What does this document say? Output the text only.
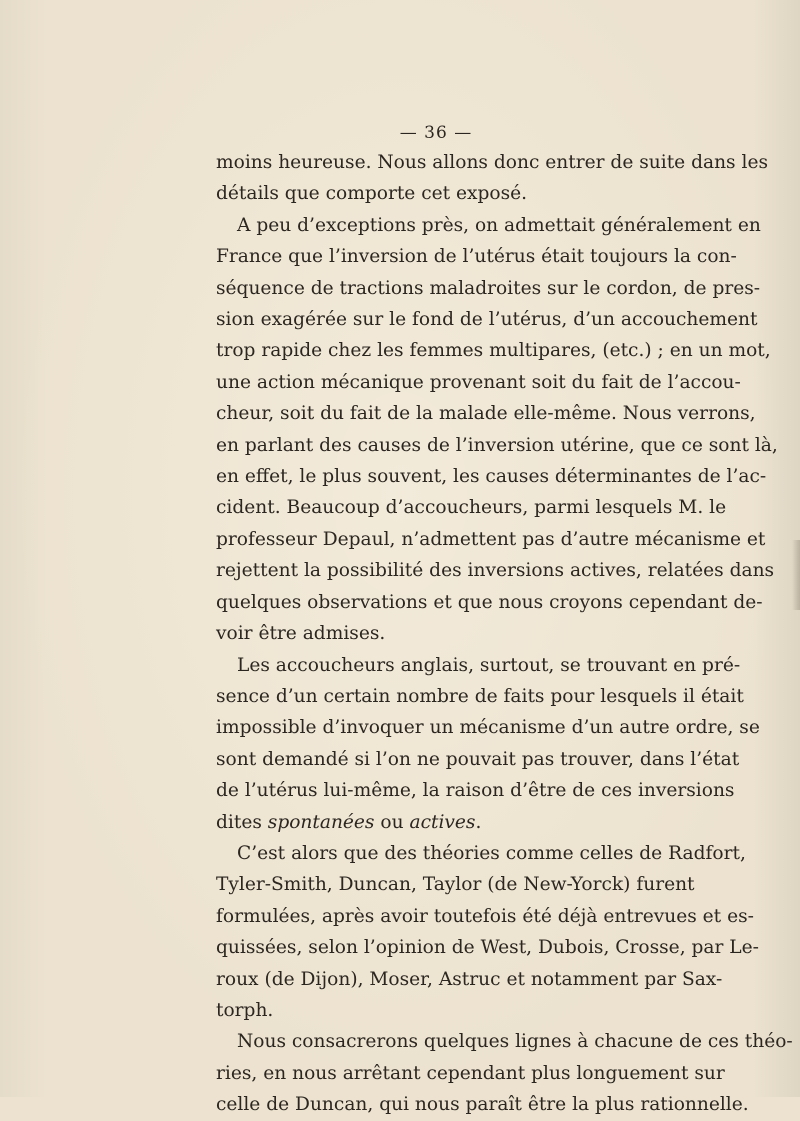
— 36 —
moins heureuse. Nous allons donc entrer de suite dans les
détails que comporte cet exposé.
A peu d’exceptions près, on admettait généralement en
France que l’inversion de l’utérus était toujours la con-
séquence de tractions maladroites sur le cordon, de pres-
sion exagérée sur le fond de l’utérus, d’un accouchement
trop rapide chez les femmes multipares, (etc.) ; en un mot,
une action mécanique provenant soit du fait de l’accou-
cheur, soit du fait de la malade elle-même. Nous verrons,
en parlant des causes de l’inversion utérine, que ce sont là,
en effet, le plus souvent, les causes déterminantes de l’ac-
cident. Beaucoup d’accoucheurs, parmi lesquels M. le
professeur Depaul, n’admettent pas d’autre mécanisme et
rejettent la possibilité des inversions actives, relatées dans
quelques observations et que nous croyons cependant de-
voir être admises.
Les accoucheurs anglais, surtout, se trouvant en pré-
sence d’un certain nombre de faits pour lesquels il était
impossible d’invoquer un mécanisme d’un autre ordre, se
sont demandé si l’on ne pouvait pas trouver, dans l’état
de l’utérus lui-même, la raison d’être de ces inversions
dites spontanées ou actives.
C’est alors que des théories comme celles de Radfort,
Tyler-Smith, Duncan, Taylor (de New-Yorck) furent
formulées, après avoir toutefois été déjà entrevues et es-
quissées, selon l’opinion de West, Dubois, Crosse, par Le-
roux (de Dijon), Moser, Astruc et notamment par Sax-
torph.
Nous consacrerons quelques lignes à chacune de ces théo-
ries, en nous arrêtant cependant plus longuement sur
celle de Duncan, qui nous paraît être la plus rationnelle.
